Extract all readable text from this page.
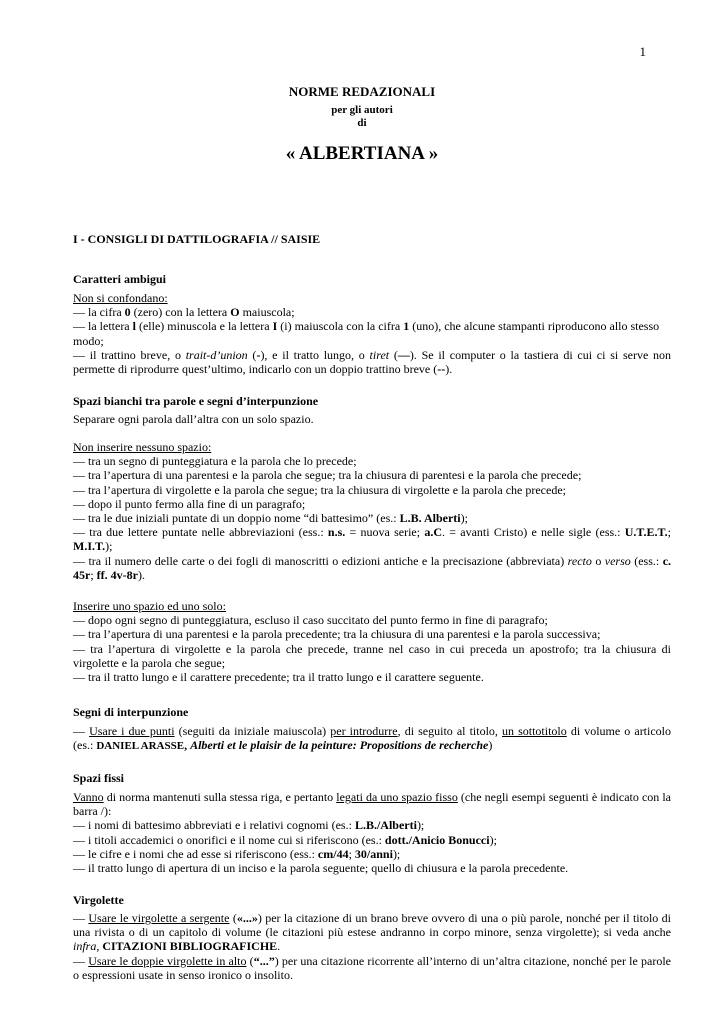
1
NORME REDAZIONALI
per gli autori
di
« ALBERTIANA »
I - CONSIGLI DI DATTILOGRAFIA // SAISIE
Caratteri ambigui

Non si confondano:

— la cifra 0 (zero) con la lettera O maiuscola;

— la lettera l (elle) minuscola e la lettera I (i) maiuscola con la cifra 1 (uno), che alcune stampanti riproducono allo stesso modo;

— il trattino breve, o trait-d’union (-), e il tratto lungo, o tiret (—). Se il computer o la tastiera di cui ci si serve non permette di riprodurre quest’ultimo, indicarlo con un doppio trattino breve (--).

Spazi bianchi tra parole e segni d’interpunzione
Separare ogni parola dall’altra con un solo spazio.

Non inserire nessuno spazio:

— tra un segno di punteggiatura e la parola che lo precede;

— tra l’apertura di una parentesi e la parola che segue; tra la chiusura di parentesi e la parola che precede;

— tra l’apertura di virgolette e la parola che segue; tra la chiusura di virgolette e la parola che precede;

— dopo il punto fermo alla fine di un paragrafo;

— tra le due iniziali puntate di un doppio nome “di battesimo” (es.: L.B. Alberti);

— tra due lettere puntate nelle abbreviazioni (ess.: n.s. = nuova serie; a.C. = avanti Cristo) e nelle sigle (ess.: U.T.E.T.; M.I.T.);

— tra il numero delle carte o dei fogli di manoscritti o edizioni antiche e la precisazione (abbreviata) recto o verso (ess.: c. 45r; ff. 4v-8r).

Inserire uno spazio ed uno solo:

— dopo ogni segno di punteggiatura, escluso il caso succitato del punto fermo in fine di paragrafo;

— tra l’apertura di una parentesi e la parola precedente; tra la chiusura di una parentesi e la parola successiva;

— tra l’apertura di virgolette e la parola che precede, tranne nel caso in cui preceda un apostrofo; tra la chiusura di virgolette e la parola che segue;

— tra il tratto lungo e il carattere precedente; tra il tratto lungo e il carattere seguente.

Segni di interpunzione

— Usare i due punti (seguiti da iniziale maiuscola) per introdurre, di seguito al titolo, un sottotitolo di volume o articolo (es.: DANIEL ARASSE, Alberti et le plaisir de la peinture: Propositions de recherche)

Spazi fissi

Vanno di norma mantenuti sulla stessa riga, e pertanto legati da uno spazio fisso (che negli esempi seguenti è indicato con la barra /):

— i nomi di battesimo abbreviati e i relativi cognomi (es.: L.B./Alberti);

— i titoli accademici o onorifici e il nome cui si riferiscono (es.: dott./Anicio Bonucci);

— le cifre e i nomi che ad esse si riferiscono (ess.: cm/44; 30/anni);

— il tratto lungo di apertura di un inciso e la parola seguente; quello di chiusura e la parola precedente.

Virgolette

— Usare le virgolette a sergente («...») per la citazione di un brano breve ovvero di una o più parole, nonché per il titolo di una rivista o di un capitolo di volume (le citazioni più estese andranno in corpo minore, senza virgolette); si veda anche infra, CITAZIONI BIBLIOGRAFICHE.

— Usare le doppie virgolette in alto (“...”) per una citazione ricorrente all’interno di un’altra citazione, nonché per le parole o espressioni usate in senso ironico o insolito.
